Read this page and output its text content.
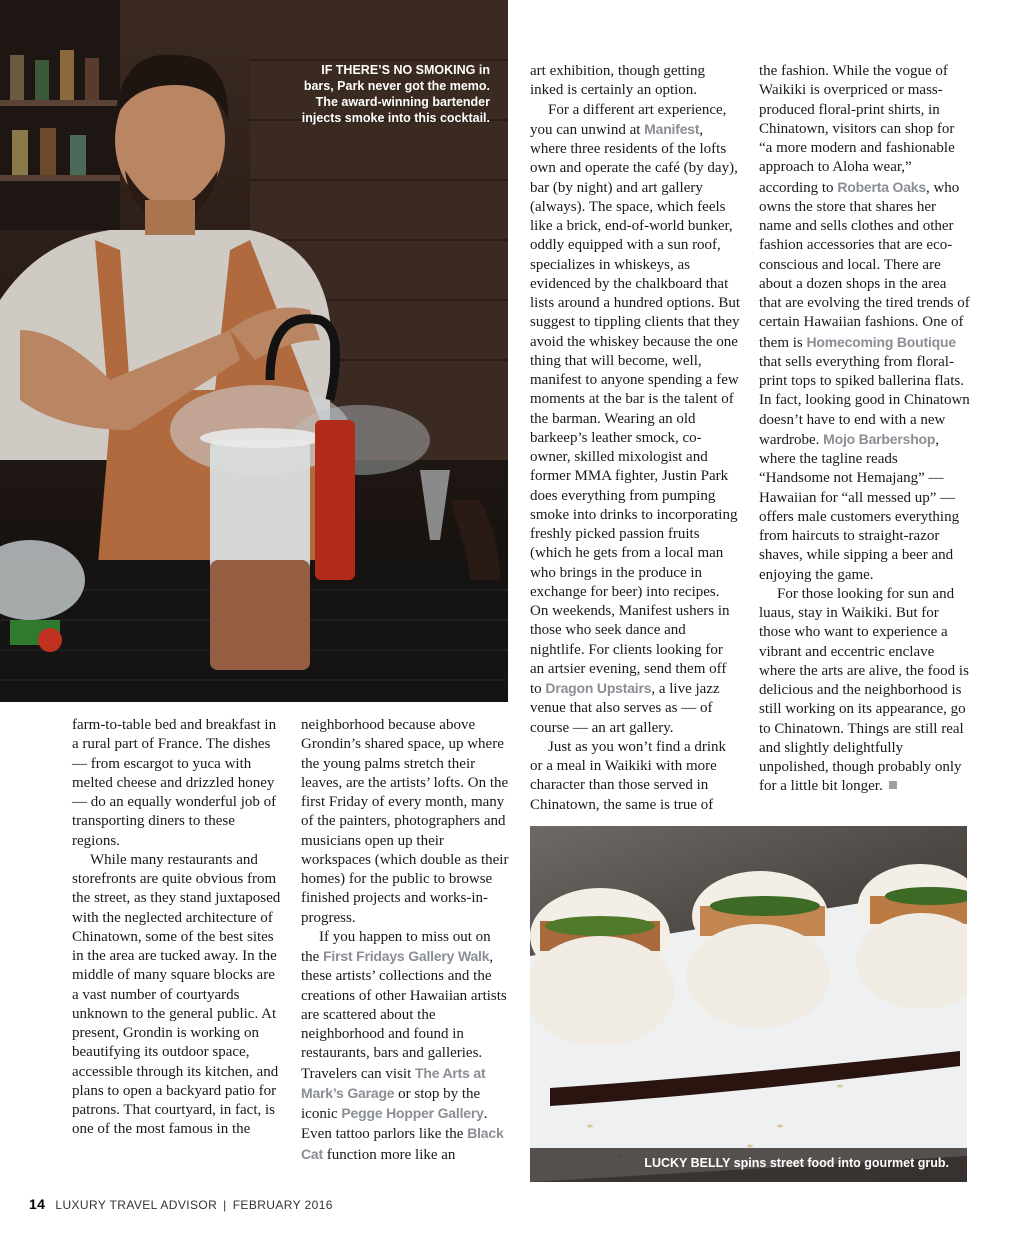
IF THERE’S NO SMOKING in bars, Park never got the memo. The award-winning bartender injects smoke into this cocktail.

farm-to-table bed and breakfast in a rural part of France. The dishes — from escargot to yuca with melted cheese and drizzled honey — do an equally wonderful job of transporting diners to these regions.

While many restaurants and storefronts are quite obvious from the street, as they stand juxtaposed with the neglected architecture of Chinatown, some of the best sites in the area are tucked away. In the middle of many square blocks are a vast number of courtyards unknown to the general public. At present, Grondin is working on beautifying its outdoor space, accessible through its kitchen, and plans to open a backyard patio for patrons. That courtyard, in fact, is one of the most famous in the

neighborhood because above Grondin’s shared space, up where the young palms stretch their leaves, are the artists’ lofts. On the first Friday of every month, many of the painters, photographers and musicians open up their workspaces (which double as their homes) for the public to browse finished projects and works-in-progress.

If you happen to miss out on the First Fridays Gallery Walk, these artists’ collections and the creations of other Hawaiian artists are scattered about the neighborhood and found in restaurants, bars and galleries. Travelers can visit The Arts at Mark’s Garage or stop by the iconic Pegge Hopper Gallery. Even tattoo parlors like the Black Cat function more like an

art exhibition, though getting inked is certainly an option.

For a different art experience, you can unwind at Manifest, where three residents of the lofts own and operate the café (by day), bar (by night) and art gallery (always). The space, which feels like a brick, end-of-world bunker, oddly equipped with a sun roof, specializes in whiskeys, as evidenced by the chalkboard that lists around a hundred options. But suggest to tippling clients that they avoid the whiskey because the one thing that will become, well, manifest to anyone spending a few moments at the bar is the talent of the barman. Wearing an old barkeep’s leather smock, co-owner, skilled mixologist and former MMA fighter, Justin Park does everything from pumping smoke into drinks to incorporating freshly picked passion fruits (which he gets from a local man who brings in the produce in exchange for beer) into recipes. On weekends, Manifest ushers in those who seek dance and nightlife. For clients looking for an artsier evening, send them off to Dragon Upstairs, a live jazz venue that also serves as — of course — an art gallery.

Just as you won’t find a drink or a meal in Waikiki with more character than those served in Chinatown, the same is true of

the fashion. While the vogue of Waikiki is overpriced or mass-produced floral-print shirts, in Chinatown, visitors can shop for “a more modern and fashionable approach to Aloha wear,” according to Roberta Oaks, who owns the store that shares her name and sells clothes and other fashion accessories that are eco-conscious and local. There are about a dozen shops in the area that are evolving the tired trends of certain Hawaiian fashions. One of them is Homecoming Boutique that sells everything from floral-print tops to spiked ballerina flats. In fact, looking good in Chinatown doesn’t have to end with a new wardrobe. Mojo Barbershop, where the tagline reads “Handsome not Hemajang” — Hawaiian for “all messed up” — offers male customers everything from haircuts to straight-razor shaves, while sipping a beer and enjoying the game.

For those looking for sun and luaus, stay in Waikiki. But for those who want to experience a vibrant and eccentric enclave where the arts are alive, the food is delicious and the neighborhood is still working on its appearance, go to Chinatown. Things are still real and slightly delightfully unpolished, though probably only for a little bit longer.

LUCKY BELLY spins street food into gourmet grub.
14 LUXURY TRAVEL ADVISOR | FEBRUARY 2016
